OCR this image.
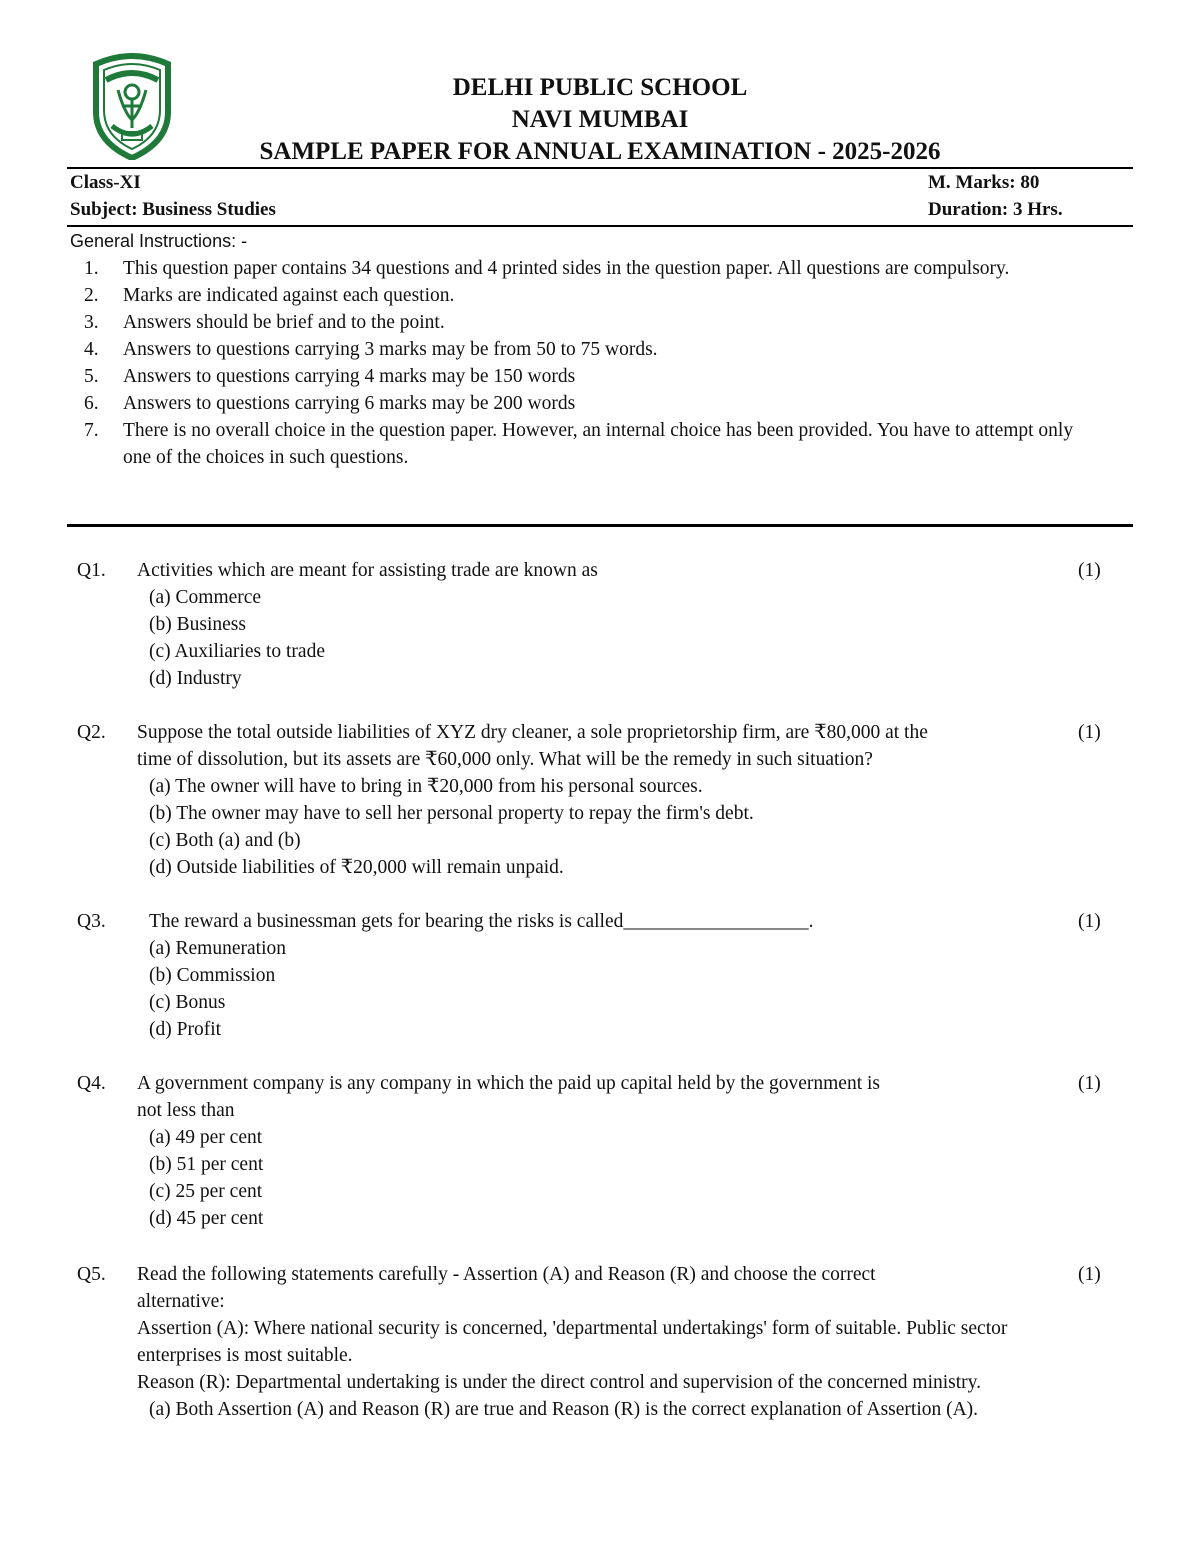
DELHI PUBLIC SCHOOL
NAVI MUMBAI
SAMPLE PAPER FOR ANNUAL EXAMINATION - 2025-2026
Class-XI	M. Marks: 80
Subject: Business Studies	Duration: 3 Hrs.
General Instructions: -
1. This question paper contains 34 questions and 4 printed sides in the question paper. All questions are compulsory.
2. Marks are indicated against each question.
3. Answers should be brief and to the point.
4. Answers to questions carrying 3 marks may be from 50 to 75 words.
5. Answers to questions carrying 4 marks may be 150 words
6. Answers to questions carrying 6 marks may be 200 words
7. There is no overall choice in the question paper. However, an internal choice has been provided. You have to attempt only one of the choices in such questions.
Q1.	(1)
Activities which are meant for assisting trade are known as
(a) Commerce
(b) Business
(c) Auxiliaries to trade
(d) Industry
Q2.	(1)
Suppose the total outside liabilities of XYZ dry cleaner, a sole proprietorship firm, are ₹80,000 at the
time of dissolution, but its assets are ₹60,000 only. What will be the remedy in such situation?
(a) The owner will have to bring in ₹20,000 from his personal sources.
(b) The owner may have to sell her personal property to repay the firm's debt.
(c) Both (a) and (b)
(d) Outside liabilities of ₹20,000 will remain unpaid.
Q3.	(1)
The reward a businessman gets for bearing the risks is called___________________.
(a) Remuneration
(b) Commission
(c) Bonus
(d) Profit
Q4.	(1)
A government company is any company in which the paid up capital held by the government is
not less than
(a) 49 per cent
(b) 51 per cent
(c) 25 per cent
(d) 45 per cent
Q5.	(1)
Read the following statements carefully - Assertion (A) and Reason (R) and choose the correct
alternative:
Assertion (A): Where national security is concerned, 'departmental undertakings' form of suitable. Public sector enterprises is most suitable.
Reason (R): Departmental undertaking is under the direct control and supervision of the concerned ministry.
(a) Both Assertion (A) and Reason (R) are true and Reason (R) is the correct explanation of Assertion (A).
